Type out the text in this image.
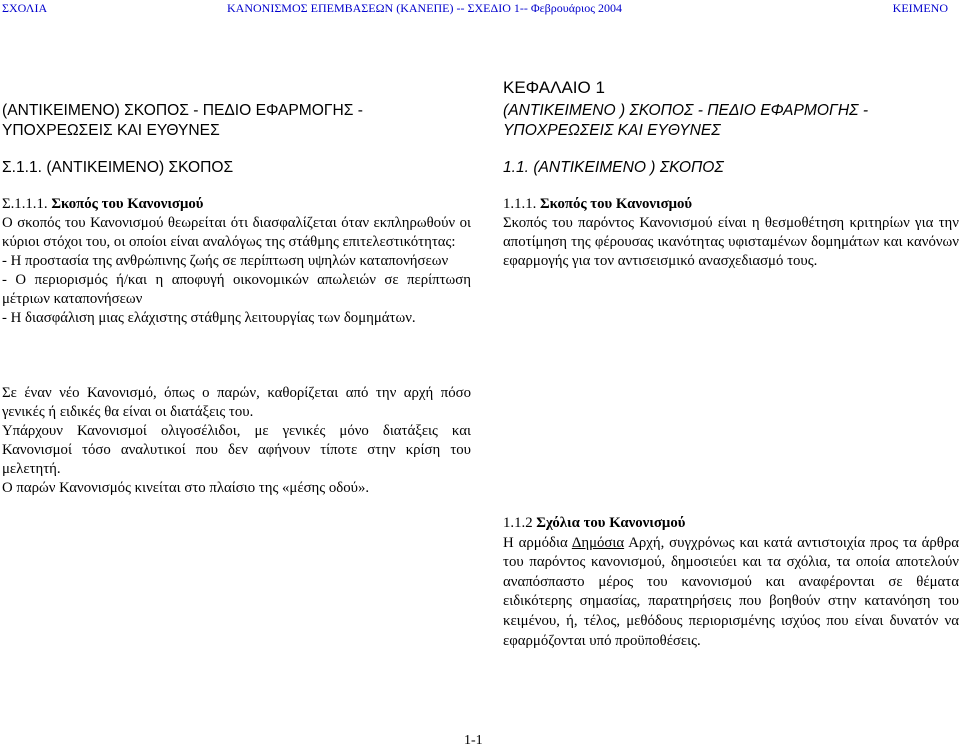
ΣΧΟΛΙΑ	ΚΑΝΟΝΙΣΜΟΣ ΕΠΕΜΒΑΣΕΩΝ (ΚΑΝΕΠΕ) -- ΣΧΕΔΙΟ 1-- Φεβρουάριος 2004	ΚΕΙΜΕΝΟ

(ΑΝΤΙΚΕΙΜΕΝΟ) ΣΚΟΠΟΣ - ΠΕΔΙΟ ΕΦΑΡΜΟΓΗΣ -

ΥΠΟΧΡΕΩΣΕΙΣ ΚΑΙ ΕΥΘΥΝΕΣ

Σ.1.1. (ΑΝΤΙΚΕΙΜΕΝΟ) ΣΚΟΠΟΣ

Σ.1.1.1. Σκοπός του Κανονισμού

Ο σκοπός του Κανονισμού θεωρείται ότι διασφαλίζεται όταν εκπληρωθούν οι κύριοι στόχοι του, οι οποίοι είναι αναλόγως της στάθμης επιτελεστικότητας:

- Η προστασία της ανθρώπινης ζωής σε περίπτωση υψηλών καταπονήσεων

- Ο περιορισμός ή/και η αποφυγή οικονομικών απωλειών σε περίπτωση μέτριων καταπονήσεων

- Η διασφάλιση μιας ελάχιστης στάθμης λειτουργίας των δομημάτων.

Σε έναν νέο Κανονισμό, όπως ο παρών, καθορίζεται από την αρχή πόσο γενικές ή ειδικές θα είναι οι διατάξεις του.

Υπάρχουν Κανονισμοί ολιγοσέλιδοι, με γενικές μόνο διατάξεις και Κανονισμοί τόσο αναλυτικοί που δεν αφήνουν τίποτε στην κρίση του μελετητή.

Ο παρών Κανονισμός κινείται στο πλαίσιο της «μέσης οδού».

ΚΕΦΑΛΑΙΟ 1

(ΑΝΤΙΚΕΙΜΕΝΟ ) ΣΚΟΠΟΣ - ΠΕΔΙΟ ΕΦΑΡΜΟΓΗΣ -

ΥΠΟΧΡΕΩΣΕΙΣ ΚΑΙ ΕΥΘΥΝΕΣ

1.1. (ΑΝΤΙΚΕΙΜΕΝΟ ) ΣΚΟΠΟΣ

1.1.1. Σκοπός του Κανονισμού

Σκοπός του παρόντος Κανονισμού είναι η θεσμοθέτηση κριτηρίων για την αποτίμηση της φέρουσας ικανότητας υφισταμένων δομημάτων και κανόνων εφαρμογής για τον αντισεισμικό ανασχεδιασμό τους.

1.1.2 Σχόλια του Κανονισμού

Η αρμόδια Δημόσια Αρχή, συγχρόνως και κατά αντιστοιχία προς τα άρθρα του παρόντος κανονισμού, δημοσιεύει και τα σχόλια, τα οποία αποτελούν αναπόσπαστο μέρος του κανονισμού και αναφέρονται σε θέματα ειδικότερης σημασίας, παρατηρήσεις που βοηθούν στην κατανόηση του κειμένου, ή, τέλος, μεθόδους περιορισμένης ισχύος που είναι δυνατόν να εφαρμόζονται υπό προϋποθέσεις.

1-1
